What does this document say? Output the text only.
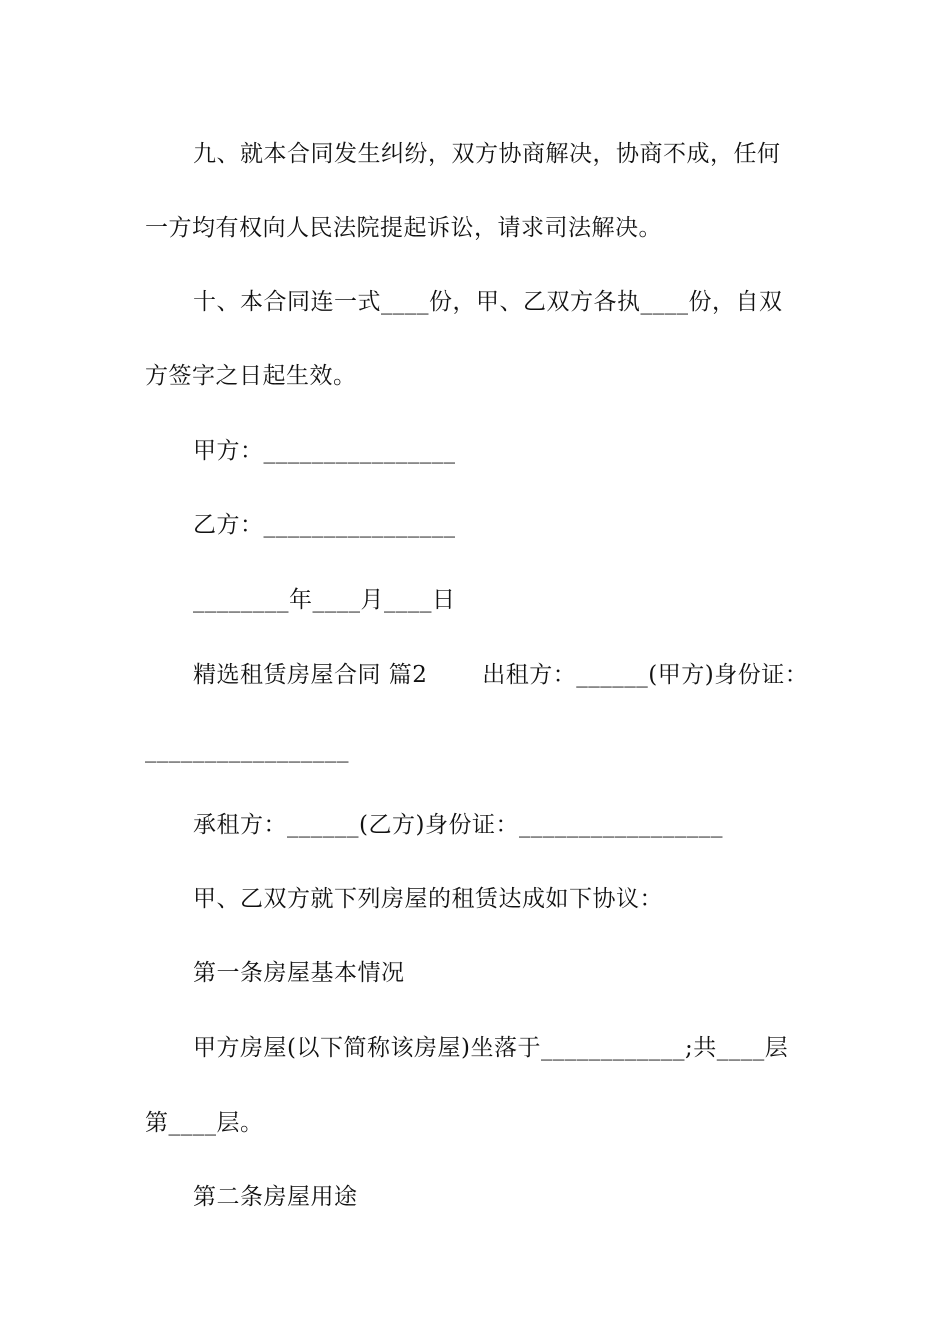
九、就本合同发生纠纷，双方协商解决，协商不成，任何
一方均有权向人民法院提起诉讼，请求司法解决。
十、本合同连一式____份，甲、乙双方各执____份，自双
方签字之日起生效。
甲方：________________
乙方：________________
________年____月____日
精选租赁房屋合同 篇2　　 出租方：______(甲方)身份证：
_________________
承租方：______(乙方)身份证：_________________
甲、乙双方就下列房屋的租赁达成如下协议：
第一条房屋基本情况
甲方房屋(以下简称该房屋)坐落于____________;共____层
第____层。
第二条房屋用途
